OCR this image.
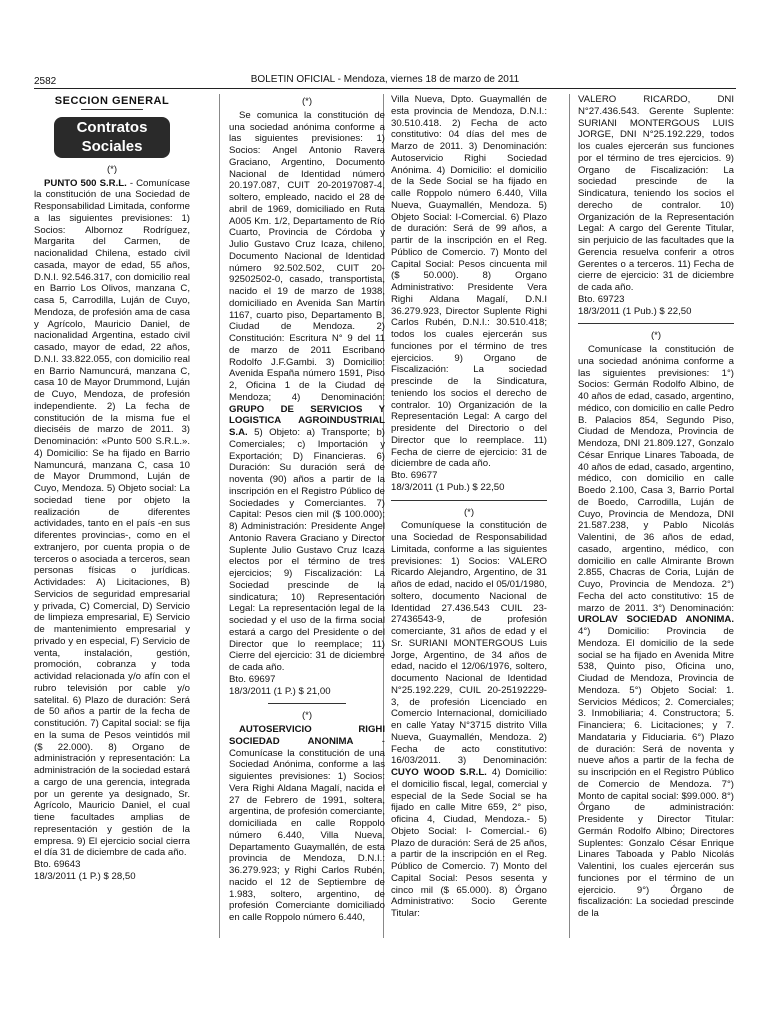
2582	BOLETIN OFICIAL - Mendoza, viernes 18 de marzo de 2011
SECCION GENERAL
Contratos
Sociales
(*)

PUNTO 500 S.R.L. - Comunícase la constitución de una Sociedad de Responsabilidad Limitada, conforme a las siguientes previsiones: 1) Socios: Albornoz Rodríguez, Margarita del Carmen, de nacionalidad Chilena, estado civil casada, mayor de edad, 55 años, D.N.I. 92.546.317, con domicilio real en Barrio Los Olivos, manzana C, casa 5, Carrodilla, Luján de Cuyo, Mendoza, de profesión ama de casa y Agrícolo, Mauricio Daniel, de nacionalidad Argentina, estado civil casado, mayor de edad, 22 años, D.N.I. 33.822.055, con domicilio real en Barrio Namuncurá, manzana C, casa 10 de Mayor Drummond, Luján de Cuyo, Mendoza, de profesión independiente. 2) La fecha de constitución de la misma fue el dieciséis de marzo de 2011. 3) Denominación: «Punto 500 S.R.L.». 4) Domicilio: Se ha fijado en Barrio Namuncurá, manzana C, casa 10 de Mayor Drummond, Luján de Cuyo, Mendoza. 5) Objeto social: La sociedad tiene por objeto la realización de diferentes actividades, tanto en el país -en sus diferentes provincias-, como en el extranjero, por cuenta propia o de terceros o asociada a terceros, sean personas físicas o jurídicas. Actividades: A) Licitaciones, B) Servicios de seguridad empresarial y privada, C) Comercial, D) Servicio de limpieza empresarial, E) Servicio de mantenimiento empresarial y privado y en especial, F) Servicio de venta, instalación, gestión, promoción, cobranza y toda actividad relacionada y/o afín con el rubro televisión por cable y/o satelital. 6) Plazo de duración: Será de 50 años a partir de la fecha de constitución. 7) Capital social: se fija en la suma de Pesos veintidós mil ($ 22.000). 8) Organo de administración y representación: La administración de la sociedad estará a cargo de una gerencia, integrada por un gerente ya designado, Sr. Agrícolo, Mauricio Daniel, el cual tiene facultades amplias de representación y gestión de la empresa. 9) El ejercicio social cierra el día 31 de diciembre de cada año.

Bto. 69643

18/3/2011 (1 P.) $ 28,50

(*)

Se comunica la constitución de una sociedad anónima conforme a las siguientes previsiones: 1) Socios: Angel Antonio Ravera Graciano, Argentino, Documento Nacional de Identidad número 20.197.087, CUIT 20-20197087-4, soltero, empleado, nacido el 28 de abril de 1969, domiciliado en Ruta A005 Km. 1/2, Departamento de Río Cuarto, Provincia de Córdoba y Julio Gustavo Cruz Icaza, chileno, Documento Nacional de Identidad número 92.502.502, CUIT 20-92502502-0, casado, transportista, nacido el 19 de marzo de 1938, domiciliado en Avenida San Martín 1167, cuarto piso, Departamento B, Ciudad de Mendoza. 2) Constitución: Escritura N° 9 del 11 de marzo de 2011 Escribano Rodolfo J.F.Gambi. 3) Domicilio: Avenida España número 1591, Piso 2, Oficina 1 de la Ciudad de Mendoza; 4) Denominación: GRUPO DE SERVICIOS Y LOGISTICA AGROINDUSTRIAL S.A. 5) Objeto: a) Transporte; b) Comerciales; c) Importación y Exportación; D) Financieras. 6) Duración: Su duración será de noventa (90) años a partir de la inscripción en el Registro Público de Sociedades y Comerciantes. 7) Capital: Pesos cien mil ($ 100.000); 8) Administración: Presidente Angel Antonio Ravera Graciano y Director Suplente Julio Gustavo Cruz Icaza electos por el término de tres ejercicios; 9) Fiscalización: La Sociedad prescinde de la sindicatura; 10) Representación Legal: La representación legal de la sociedad y el uso de la firma social estará a cargo del Presidente o del Director que lo reemplace; 11) Cierre del ejercicio: 31 de diciembre de cada año.

Bto. 69697

18/3/2011 (1 P.) $ 21,00

(*)

AUTOSERVICIO RIGHI SOCIEDAD ANONIMA - Comunícase la constitución de una Sociedad Anónima, conforme a las siguientes previsiones: 1) Socios: Vera Righi Aldana Magalí, nacida el 27 de Febrero de 1991, soltera, argentina, de profesión comerciante, domiciliada en calle Roppolo número 6.440, Villa Nueva, Departamento Guaymallén, de esta provincia de Mendoza, D.N.I.: 36.279.923; y Righi Carlos Rubén, nacido el 12 de Septiembre de 1.983, soltero, argentino, de profesión Comerciante domiciliado en calle Roppolo número 6.440,

Villa Nueva, Dpto. Guaymallén de esta provincia de Mendoza, D.N.I.: 30.510.418. 2) Fecha de acto constitutivo: 04 días del mes de Marzo de 2011. 3) Denominación: Autoservicio Righi Sociedad Anónima. 4) Domicilio: el domicilio de la Sede Social se ha fijado en calle Roppolo número 6.440, Villa Nueva, Guaymallén, Mendoza. 5) Objeto Social: I-Comercial. 6) Plazo de duración: Será de 99 años, a partir de la inscripción en el Reg. Público de Comercio. 7) Monto del Capital Social: Pesos cincuenta mil ($ 50.000). 8) Organo Administrativo: Presidente Vera Righi Aldana Magalí, D.N.I 36.279.923, Director Suplente Righi Carlos Rubén, D.N.I.: 30.510.418; todos los cuales ejercerán sus funciones por el término de tres ejercicios. 9) Organo de Fiscalización: La sociedad prescinde de la Sindicatura, teniendo los socios el derecho de contralor. 10) Organización de la Representación Legal: A cargo del presidente del Directorio o del Director que lo reemplace. 11) Fecha de cierre de ejercicio: 31 de diciembre de cada año.

Bto. 69677

18/3/2011 (1 Pub.) $ 22,50

(*)

Comuníquese la constitución de una Sociedad de Responsabilidad Limitada, conforme a las siguientes previsiones: 1) Socios: VALERO Ricardo Alejandro, Argentino, de 31 años de edad, nacido el 05/01/1980, soltero, documento Nacional de Identidad 27.436.543 CUIL 23-27436543-9, de profesión comerciante, 31 años de edad y el Sr. SURIANI MONTERGOUS Luis Jorge, Argentino, de 34 años de edad, nacido el 12/06/1976, soltero, documento Nacional de Identidad N°25.192.229, CUIL 20-25192229-3, de profesión Licenciado en Comercio Internacional, domiciliado en calle Yatay N°3715 distrito Villa Nueva, Guaymallén, Mendoza. 2) Fecha de acto constitutivo: 16/03/2011. 3) Denominación: CUYO WOOD S.R.L. 4) Domicilio: el domicilio fiscal, legal, comercial y especial de la Sede Social se ha fijado en calle Mitre 659, 2° piso, oficina 4, Ciudad, Mendoza.- 5) Objeto Social: I- Comercial.- 6) Plazo de duración: Será de 25 años, a partir de la inscripción en el Reg. Público de Comercio. 7) Monto del Capital Social: Pesos sesenta y cinco mil ($ 65.000). 8) Órgano Administrativo: Socio Gerente Titular:

VALERO RICARDO, DNI N°27.436.543. Gerente Suplente: SURIANI MONTERGOUS LUIS JORGE, DNI N°25.192.229, todos los cuales ejercerán sus funciones por el término de tres ejercicios. 9) Organo de Fiscalización: La sociedad prescinde de la Sindicatura, teniendo los socios el derecho de contralor. 10) Organización de la Representación Legal: A cargo del Gerente Titular, sin perjuicio de las facultades que la Gerencia resuelva conferir a otros Gerentes o a terceros. 11) Fecha de cierre de ejercicio: 31 de diciembre de cada año.

Bto. 69723

18/3/2011 (1 Pub.) $ 22,50

(*)

Comunícase la constitución de una sociedad anónima conforme a las siguientes previsiones: 1°) Socios: Germán Rodolfo Albino, de 40 años de edad, casado, argentino, médico, con domicilio en calle Pedro B. Palacios 854, Segundo Piso, Ciudad de Mendoza, Provincia de Mendoza, DNI 21.809.127, Gonzalo César Enrique Linares Taboada, de 40 años de edad, casado, argentino, médico, con domicilio en calle Boedo 2.100, Casa 3, Barrio Portal de Boedo, Carrodilla, Luján de Cuyo, Provincia de Mendoza, DNI 21.587.238, y Pablo Nicolás Valentini, de 36 años de edad, casado, argentino, médico, con domicilio en calle Almirante Brown 2.855, Chacras de Coria, Luján de Cuyo, Provincia de Mendoza. 2°) Fecha del acto constitutivo: 15 de marzo de 2011. 3°) Denominación: UROLAV SOCIEDAD ANONIMA. 4°) Domicilio: Provincia de Mendoza. El domicilio de la sede social se ha fijado en Avenida Mitre 538, Quinto piso, Oficina uno, Ciudad de Mendoza, Provincia de Mendoza. 5°) Objeto Social: 1. Servicios Médicos; 2. Comerciales; 3. Inmobiliaria; 4. Constructora; 5. Financiera; 6. Licitaciones; y 7. Mandataria y Fiduciaria. 6°) Plazo de duración: Será de noventa y nueve años a partir de la fecha de su inscripción en el Registro Público de Comercio de Mendoza. 7°) Monto de capital social: $99.000. 8°) Órgano de administración: Presidente y Director Titular: Germán Rodolfo Albino; Directores Suplentes: Gonzalo César Enrique Linares Taboada y Pablo Nicolás Valentini, los cuales ejercerán sus funciones por el término de un ejercicio. 9°) Órgano de fiscalización: La sociedad prescinde de la
